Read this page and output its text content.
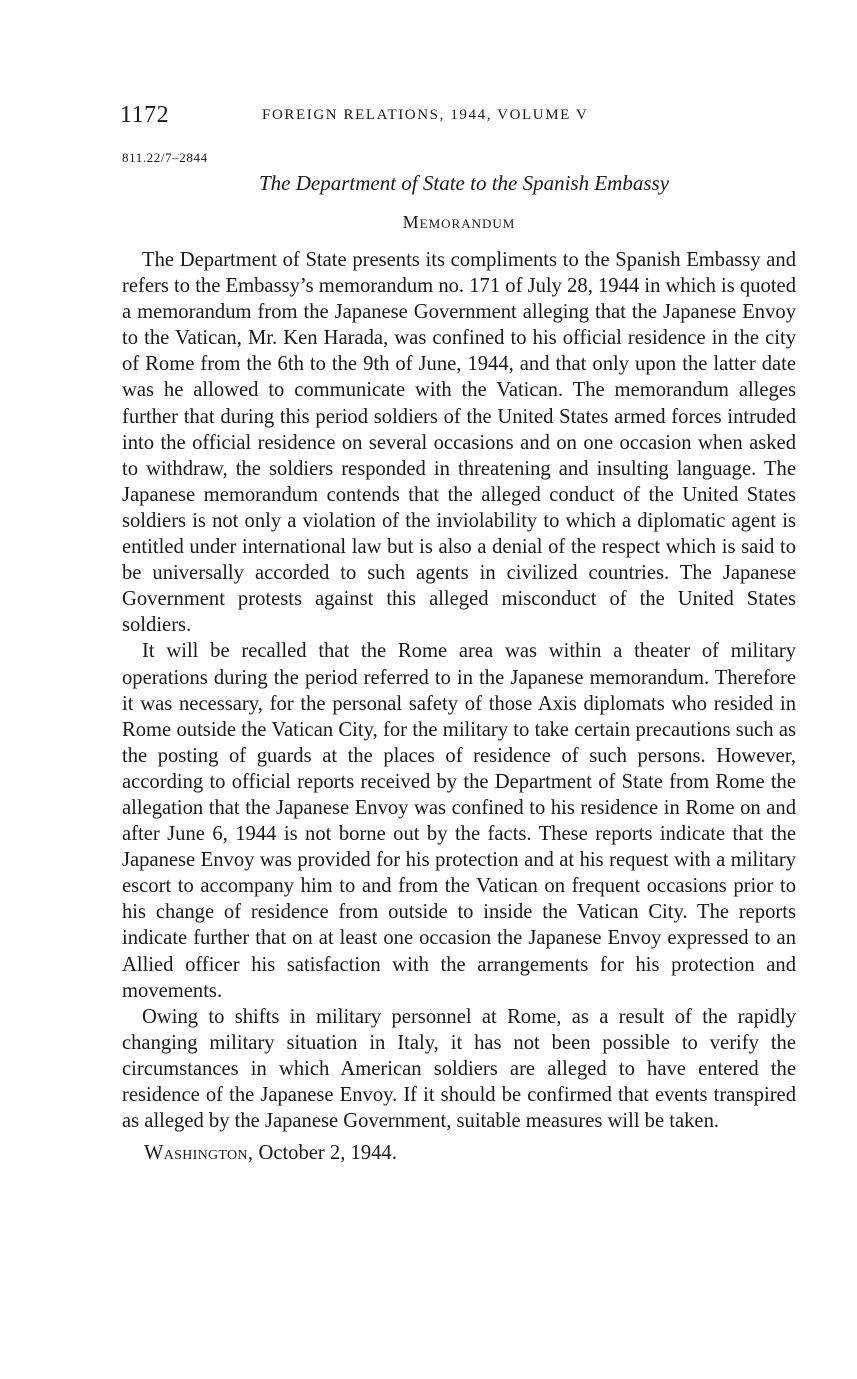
1172	FOREIGN RELATIONS, 1944, VOLUME V
811.22/7–2844
The Department of State to the Spanish Embassy
Memorandum

The Department of State presents its compliments to the Spanish Embassy and refers to the Embassy’s memorandum no. 171 of July 28, 1944 in which is quoted a memorandum from the Japanese Government alleging that the Japanese Envoy to the Vatican, Mr. Ken Harada, was confined to his official residence in the city of Rome from the 6th to the 9th of June, 1944, and that only upon the latter date was he allowed to communicate with the Vatican. The memorandum alleges further that during this period soldiers of the United States armed forces intruded into the official residence on several occasions and on one occasion when asked to withdraw, the soldiers responded in threatening and insulting language. The Japanese memorandum contends that the alleged conduct of the United States soldiers is not only a violation of the inviolability to which a diplomatic agent is entitled under international law but is also a denial of the respect which is said to be universally accorded to such agents in civilized countries. The Japanese Government protests against this alleged misconduct of the United States soldiers.

It will be recalled that the Rome area was within a theater of military operations during the period referred to in the Japanese memorandum. Therefore it was necessary, for the personal safety of those Axis diplomats who resided in Rome outside the Vatican City, for the military to take certain precautions such as the posting of guards at the places of residence of such persons. However, according to official reports received by the Department of State from Rome the allegation that the Japanese Envoy was confined to his residence in Rome on and after June 6, 1944 is not borne out by the facts. These reports indicate that the Japanese Envoy was provided for his protection and at his request with a military escort to accompany him to and from the Vatican on frequent occasions prior to his change of residence from outside to inside the Vatican City. The reports indicate further that on at least one occasion the Japanese Envoy expressed to an Allied officer his satisfaction with the arrangements for his protection and movements.

Owing to shifts in military personnel at Rome, as a result of the rapidly changing military situation in Italy, it has not been possible to verify the circumstances in which American soldiers are alleged to have entered the residence of the Japanese Envoy. If it should be confirmed that events transpired as alleged by the Japanese Government, suitable measures will be taken.

Washington, October 2, 1944.
